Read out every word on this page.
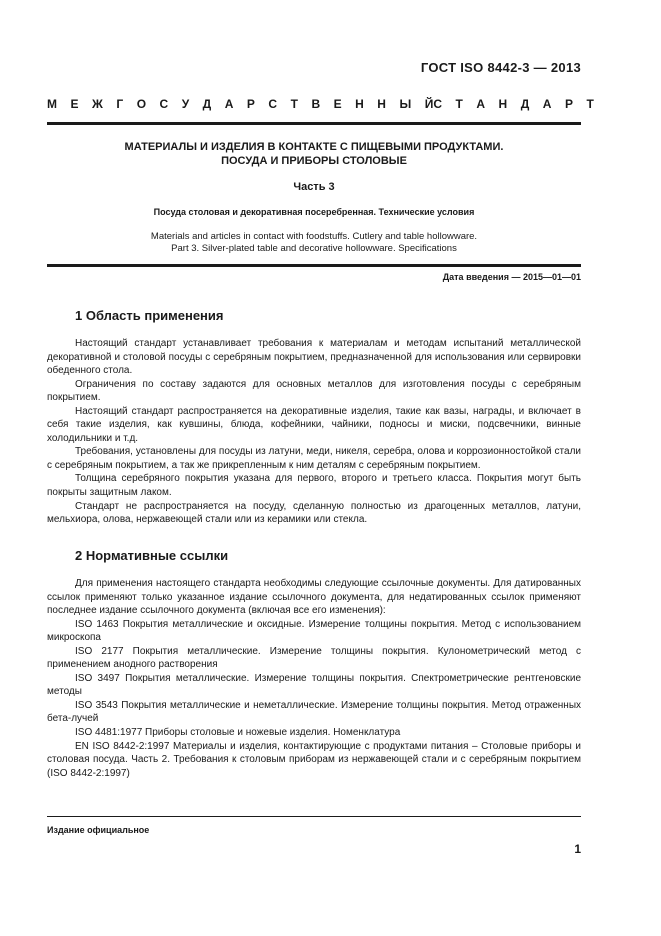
ГОСТ ISO 8442-3 — 2013
М Е Ж Г О С У Д А Р С Т В Е Н Н Ы Й С Т А Н Д А Р Т
МАТЕРИАЛЫ И ИЗДЕЛИЯ В КОНТАКТЕ С ПИЩЕВЫМИ ПРОДУКТАМИ.
ПОСУДА И ПРИБОРЫ СТОЛОВЫЕ
Часть 3
Посуда столовая и декоративная посеребренная. Технические условия
Materials and articles in contact with foodstuffs. Cutlery and table hollowware.
Part 3. Silver-plated table and decorative hollowware. Specifications
Дата введения — 2015—01—01
1 Область применения

Настоящий стандарт устанавливает требования к материалам и методам испытаний металлической декоративной и столовой посуды с серебряным покрытием, предназначенной для использования или сервировки обеденного стола.

Ограничения по составу задаются для основных металлов для изготовления посуды с серебряным покрытием.

Настоящий стандарт распространяется на декоративные изделия, такие как вазы, награды, и включает в себя такие изделия, как кувшины, блюда, кофейники, чайники, подносы и миски, подсвечники, винные холодильники и т.д.

Требования, установлены для посуды из латуни, меди, никеля, серебра, олова и коррозионностойкой стали с серебряным покрытием, а так же прикрепленным к ним деталям с серебряным покрытием.

Толщина серебряного покрытия указана для первого, второго и третьего класса. Покрытия могут быть покрыты защитным лаком.

Стандарт не распространяется на посуду, сделанную полностью из драгоценных металлов, латуни, мельхиора, олова, нержавеющей стали или из керамики или стекла.

2 Нормативные ссылки

Для применения настоящего стандарта необходимы следующие ссылочные документы. Для датированных ссылок применяют только указанное издание ссылочного документа, для недатированных ссылок применяют последнее издание ссылочного документа (включая все его изменения):

ISO 1463 Покрытия металлические и оксидные. Измерение толщины покрытия. Метод с использованием микроскопа

ISO 2177 Покрытия металлические. Измерение толщины покрытия. Кулонометрический метод с применением анодного растворения

ISO 3497 Покрытия металлические. Измерение толщины покрытия. Спектрометрические рентгеновские методы

ISO 3543 Покрытия металлические и неметаллические. Измерение толщины покрытия. Метод отраженных бета-лучей

ISO 4481:1977 Приборы столовые и ножевые изделия. Номенклатура

EN ISO 8442-2:1997 Материалы и изделия, контактирующие с продуктами питания – Столовые приборы и столовая посуда. Часть 2. Требования к столовым приборам из нержавеющей стали и с серебряным покрытием (ISO 8442-2:1997)

Издание официальное
1
